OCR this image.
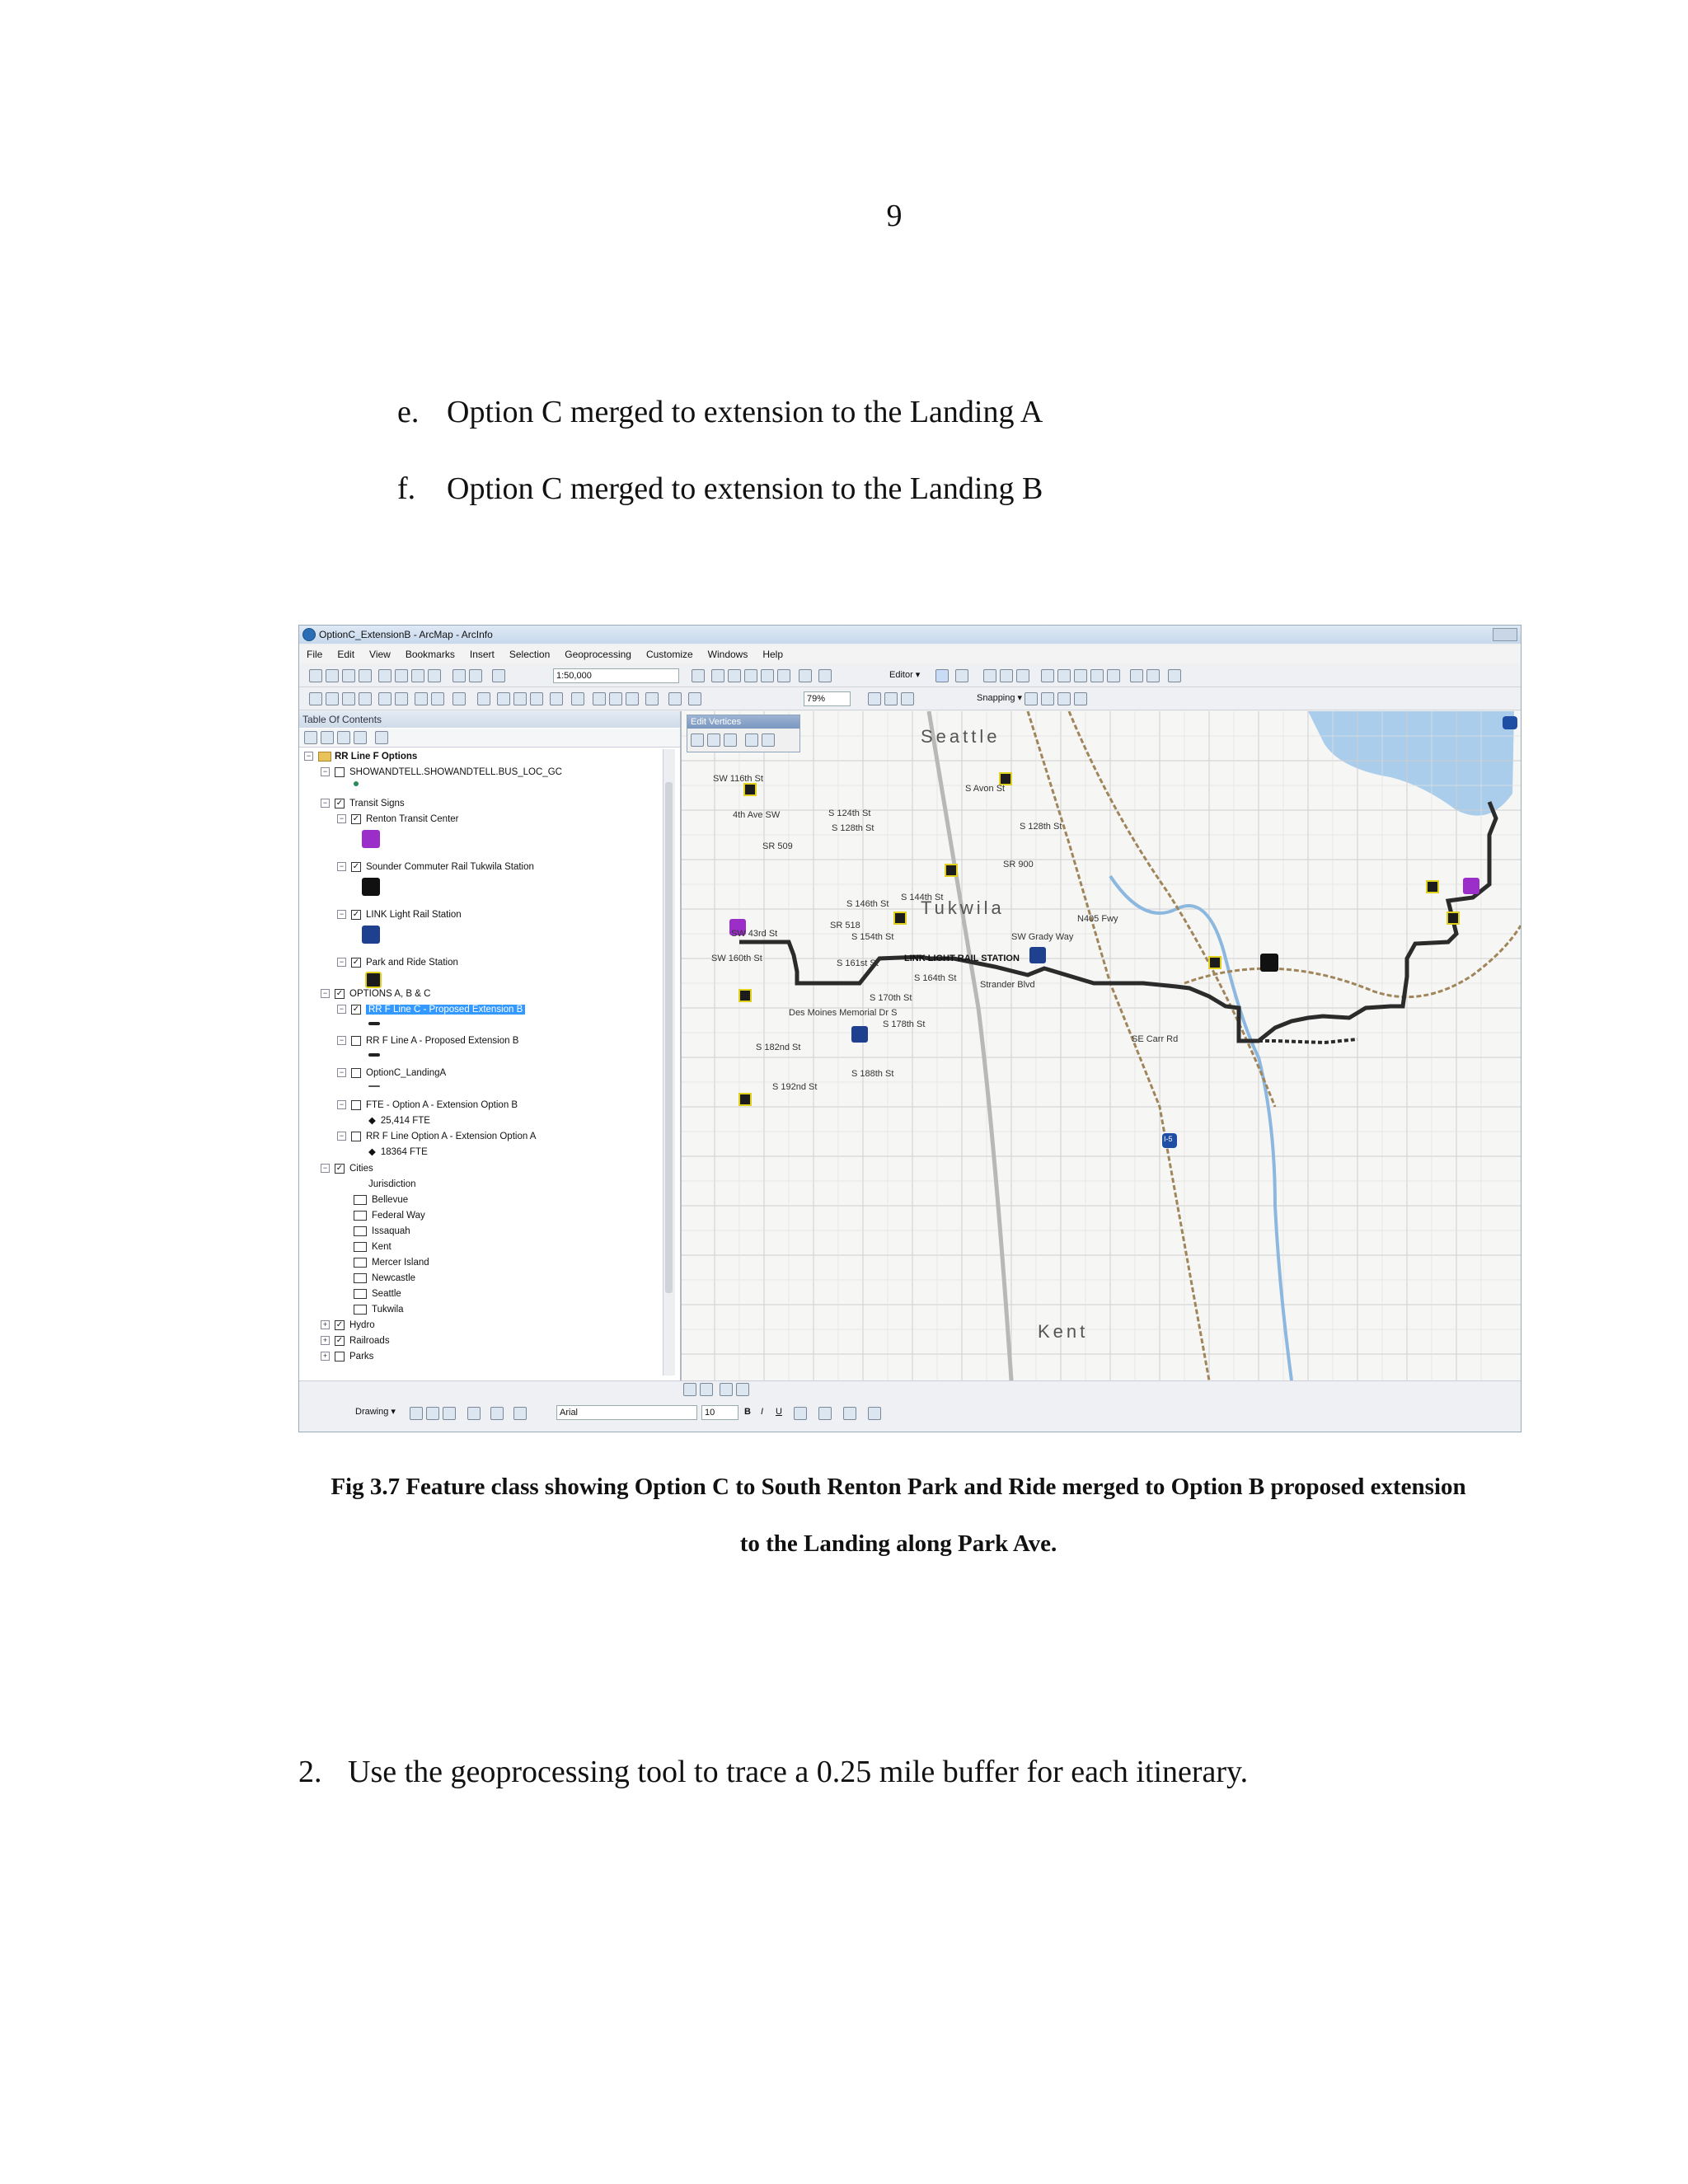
9
e. Option C merged to extension to the Landing A
f. Option C merged to extension to the Landing B
OptionC_ExtensionB - ArcMap - ArcInfo
File Edit View Bookmarks Insert Selection Geoprocessing Customize Windows Help
1:50,000	Editor ▾
79%	Snapping ▾
Table Of Contents
−	RR Line F Options
− SHOWANDTELL.SHOWANDTELL.BUS_LOC_GC
− ✓ Transit Signs
− ✓ Renton Transit Center
− ✓ Sounder Commuter Rail Tukwila Station
− ✓ LINK Light Rail Station
− ✓ Park and Ride Station
− ✓ OPTIONS A, B & C
− ✓ RR F Line C - Proposed Extension B
− RR F Line A - Proposed Extension B
− OptionC_LandingA
− FTE - Option A - Extension Option B
◆ 25,414 FTE
− RR F Line Option A - Extension Option A
◆ 18364 FTE
− ✓ Cities
Jurisdiction
Bellevue
Federal Way
Issaquah
Kent
Mercer Island
Newcastle
Seattle
Tukwila
+ ✓ Hydro
+ ✓ Railroads
+ Parks
Edit Vertices
Seattle
Tukwila
Kent
LINK LIGHT RAIL STATION
SW 116th St
S 124th St
S 128th St
S 144th St
S 146th St
S 154th St
SW 160th St	S 161st St
S 164th St
S 170th St
S 178th St
S 182nd St
S 188th St
S 192nd St
S 128th St
SW 43rd St
S Avon St
SR 900
N405 Fwy
Strander Blvd
SR 518
SR 509
Des Moines Memorial Dr S
4th Ave SW
SW Grady Way
SE Carr Rd
I-5
Drawing ▾	Arial	10	B I U
Fig 3.7 Feature class showing Option C to South Renton Park and Ride merged to Option B proposed extension
to the Landing along Park Ave.
2. Use the geoprocessing tool to trace a 0.25 mile buffer for each itinerary.
